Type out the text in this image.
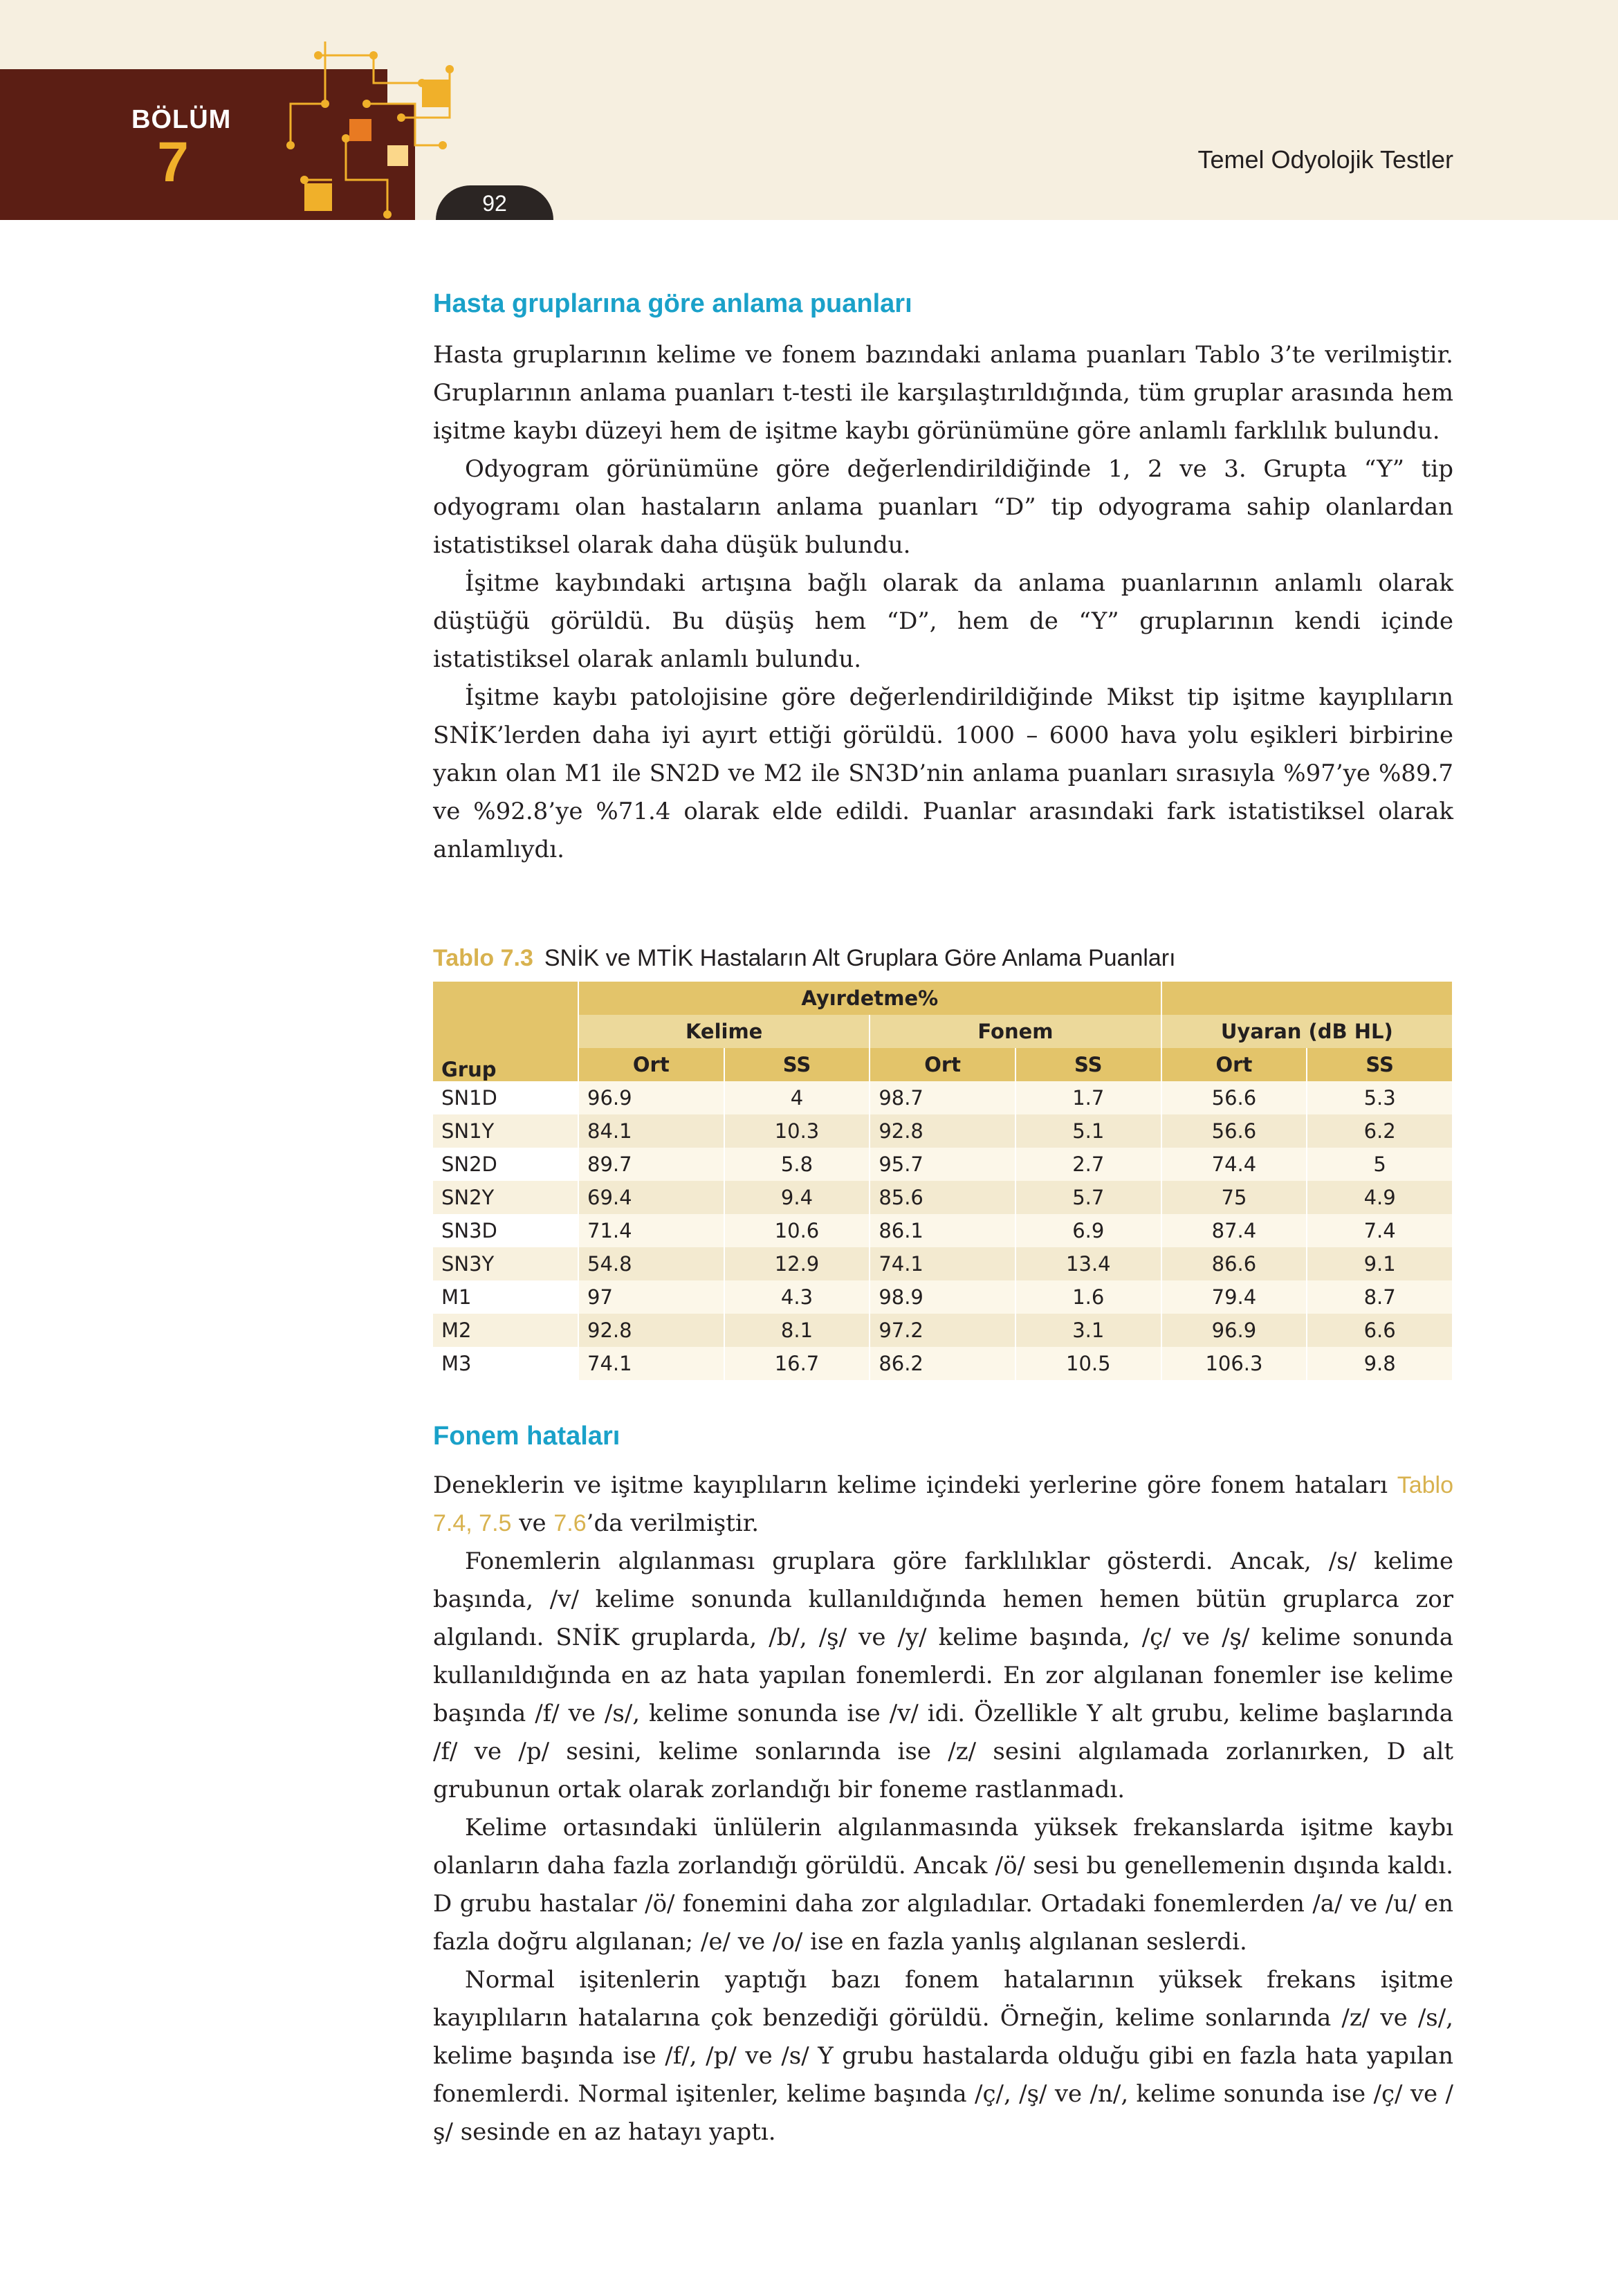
BÖLÜM
7
92
Temel Odyolojik Testler
Hasta gruplarına göre anlama puanları

Hasta gruplarının kelime ve fonem bazındaki anlama puanları Tablo 3’te verilmiştir. Gruplarının anlama puanları t-testi ile karşılaştırıldığında, tüm gruplar arasında hem işitme kaybı düzeyi hem de işitme kaybı görünümüne göre anlamlı farklılık bulundu.

Odyogram görünümüne göre değerlendirildiğinde 1, 2 ve 3. Grupta “Y” tip odyogramı olan hastaların anlama puanları “D” tip odyograma sahip olanlardan istatistiksel olarak daha düşük bulundu.

İşitme kaybındaki artışına bağlı olarak da anlama puanlarının anlamlı olarak düştüğü görüldü. Bu düşüş hem “D”, hem de “Y” gruplarının kendi içinde istatistiksel olarak anlamlı bulundu.

İşitme kaybı patolojisine göre değerlendirildiğinde Mikst tip işitme kayıplıların SNİK’lerden daha iyi ayırt ettiği görüldü. 1000 – 6000 hava yolu eşikleri birbirine yakın olan M1 ile SN2D ve M2 ile SN3D’nin anlama puanları sırasıyla %97’ye %89.7 ve %92.8’ye %71.4 olarak elde edildi. Puanlar arasındaki fark istatistiksel olarak anlamlıydı.

Tablo 7.3 SNİK ve MTİK Hastaların Alt Gruplara Göre Anlama Puanları
Grup	Ayırdetme%					
	Kelime		Fonem		Uyaran (dB HL)	
	Ort	SS	Ort	SS	Ort	SS
SN1D	96.9	4	98.7	1.7	56.6	5.3
SN1Y	84.1	10.3	92.8	5.1	56.6	6.2
SN2D	89.7	5.8	95.7	2.7	74.4	5
SN2Y	69.4	9.4	85.6	5.7	75	4.9
SN3D	71.4	10.6	86.1	6.9	87.4	7.4
SN3Y	54.8	12.9	74.1	13.4	86.6	9.1
M1	97	4.3	98.9	1.6	79.4	8.7
M2	92.8	8.1	97.2	3.1	96.9	6.6
M3	74.1	16.7	86.2	10.5	106.3	9.8
Fonem hataları

Deneklerin ve işitme kayıplıların kelime içindeki yerlerine göre fonem hataları Tablo 7.4, 7.5 ve 7.6’da verilmiştir.

Fonemlerin algılanması gruplara göre farklılıklar gösterdi. Ancak, /s/ kelime başında, /v/ kelime sonunda kullanıldığında hemen hemen bütün gruplarca zor algılandı. SNİK gruplarda, /b/, /ş/ ve /y/ kelime başında, /ç/ ve /ş/ kelime sonunda kullanıldığında en az hata yapılan fonemlerdi. En zor algılanan fonemler ise kelime başında /f/ ve /s/, kelime sonunda ise /v/ idi. Özellikle Y alt grubu, kelime başlarında /f/ ve /p/ sesini, kelime sonlarında ise /z/ sesini algılamada zorlanırken, D alt grubunun ortak olarak zorlandığı bir foneme rastlanmadı.

Kelime ortasındaki ünlülerin algılanmasında yüksek frekanslarda işitme kaybı olanların daha fazla zorlandığı görüldü. Ancak /ö/ sesi bu genellemenin dışında kaldı. D grubu hastalar /ö/ fonemini daha zor algıladılar. Ortadaki fonemlerden /a/ ve /u/ en fazla doğru algılanan; /e/ ve /o/ ise en fazla yanlış algılanan seslerdi.

Normal işitenlerin yaptığı bazı fonem hatalarının yüksek frekans işitme kayıplıların hatalarına çok benzediği görüldü. Örneğin, kelime sonlarında /z/ ve /s/, kelime başında ise /f/, /p/ ve /s/ Y grubu hastalarda olduğu gibi en fazla hata yapılan fonemlerdi. Normal işitenler, kelime başında /ç/, /ş/ ve /n/, kelime sonunda ise /ç/ ve /ş/ sesinde en az hatayı yaptı.
